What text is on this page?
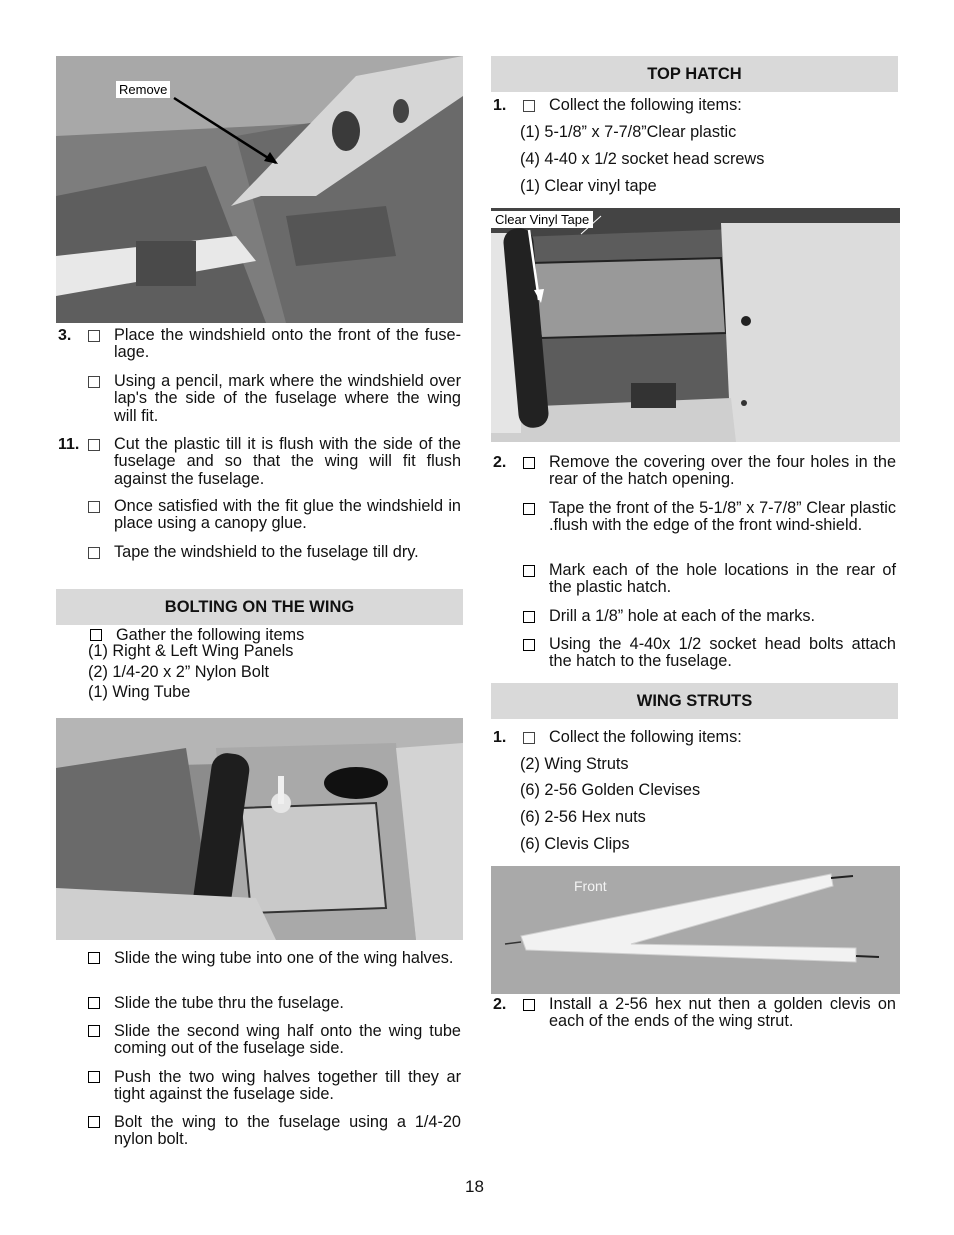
Remove
3.	Place the windshield onto the front of the fuse-lage.
Using a pencil, mark where the windshield over lap's the side of the fuselage where the wing will fit.
11. Cut the plastic till it is flush with the side of the fuselage and so that the wing will fit flush against the fuselage.
Once satisfied with the fit glue the windshield in place using a canopy glue.
Tape the windshield to the fuselage till dry.
BOLTING ON THE WING
Gather the following items
(1) Right & Left Wing Panels
(2) 1/4-20 x 2” Nylon Bolt
(1) Wing Tube
Slide the wing tube into one of the wing halves.
Slide the tube thru the fuselage.
Slide the second wing half onto the wing tube coming out of the fuselage side.
Push the two wing halves together till they ar tight against the fuselage side.
Bolt the wing to the fuselage using a 1/4-20 nylon bolt.
TOP HATCH
1.	Collect the following items:
(1) 5-1/8” x 7-7/8”Clear plastic
(4) 4-40 x 1/2 socket head screws
(1) Clear vinyl tape
Clear Vinyl Tape
2.	Remove the covering over the four holes in the rear of the hatch opening.
Tape the front of the 5-1/8” x 7-7/8” Clear plastic .flush with the edge of the front wind-shield.
Mark each of the hole locations in the rear of the plastic hatch.
Drill a 1/8” hole at each of the marks.
Using the 4-40x 1/2 socket head bolts attach the hatch to the fuselage.
WING STRUTS
1.	Collect the following items:
(2) Wing Struts
(6) 2-56 Golden Clevises
(6) 2-56 Hex nuts
(6) Clevis Clips
Front
2.	Install a 2-56 hex nut then a golden clevis on each of the ends of the wing strut.
18
